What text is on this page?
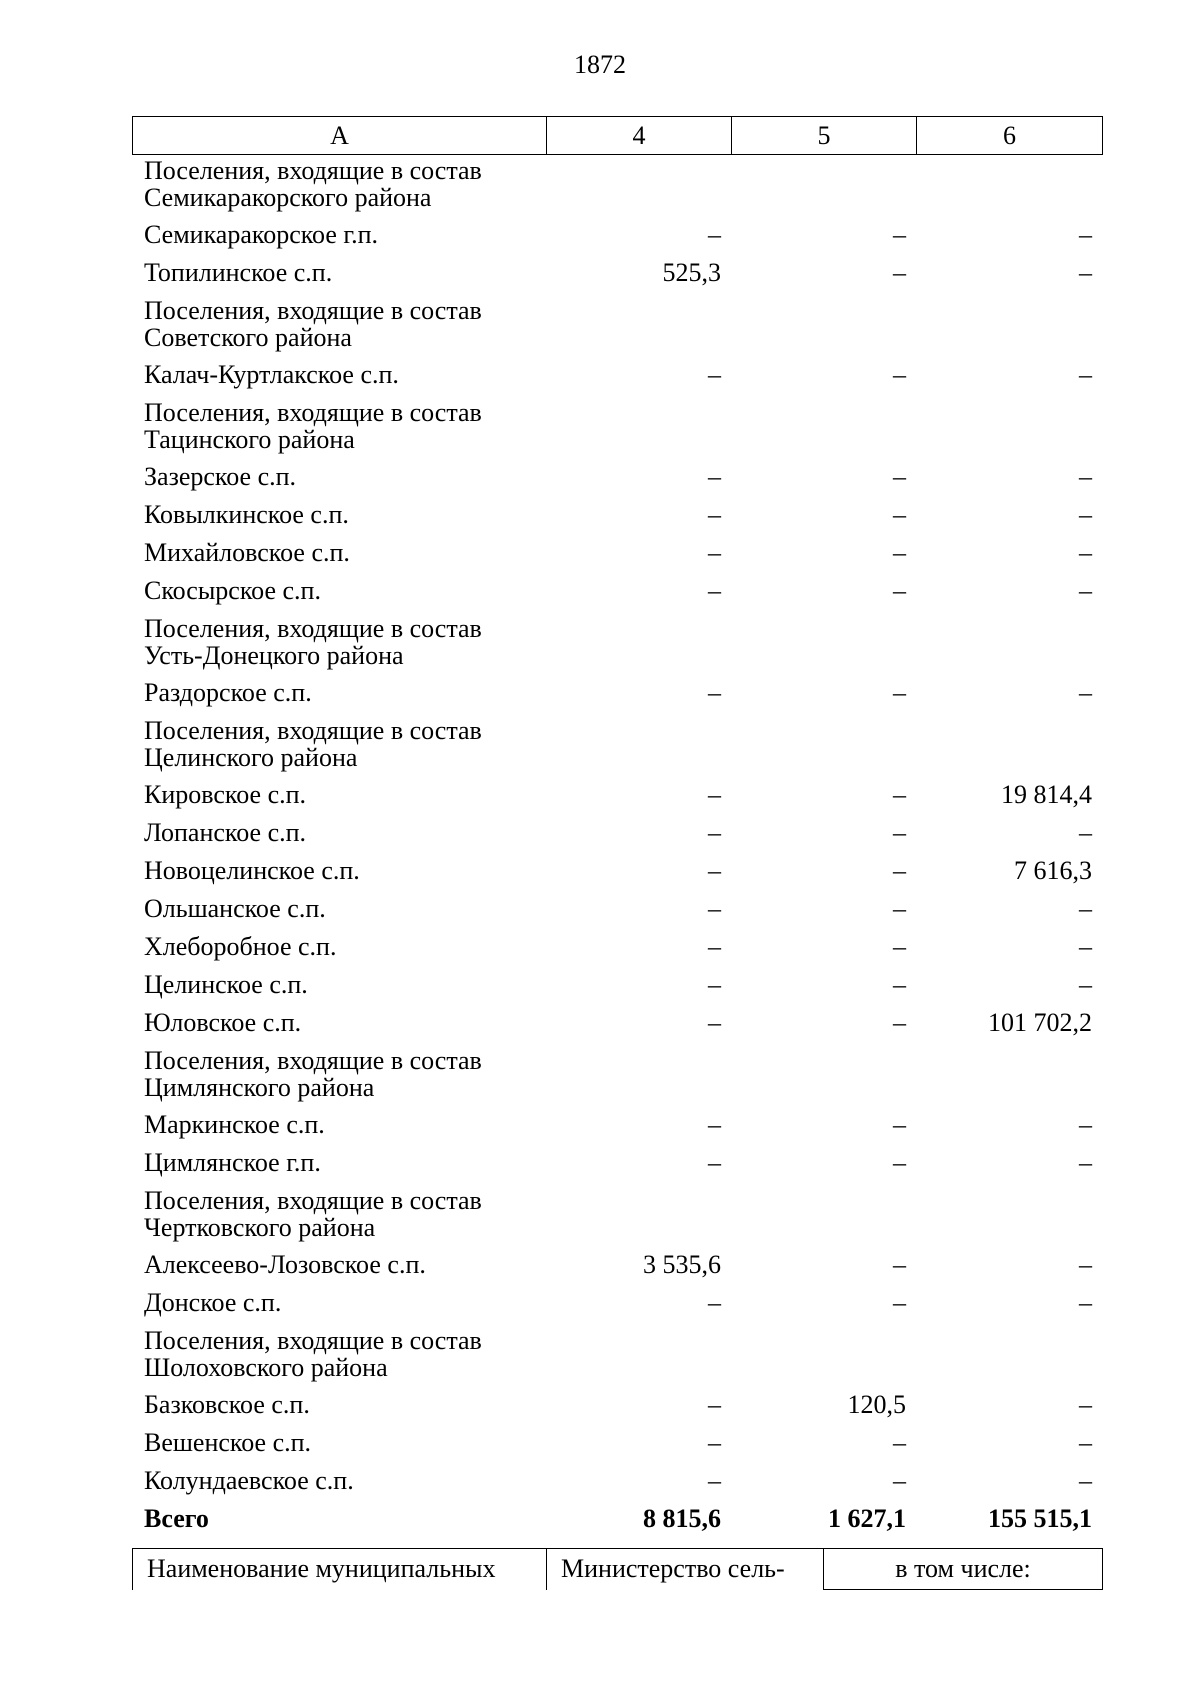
1872
А	4	5	6
Поселения, входящие в состав
Семикаракорского района
Семикаракорское г.п.	–	–	–
Топилинское с.п.	525,3	–	–
Поселения, входящие в состав
Советского района
Калач-Куртлакское с.п.	–	–	–
Поселения, входящие в состав
Тацинского района
Зазерское с.п.	–	–	–
Ковылкинское с.п.	–	–	–
Михайловское с.п.	–	–	–
Скосырское с.п.	–	–	–
Поселения, входящие в состав
Усть-Донецкого района
Раздорское с.п.	–	–	–
Поселения, входящие в состав
Целинского района
Кировское с.п.	–	–	19 814,4
Лопанское с.п.	–	–	–
Новоцелинское с.п.	–	–	7 616,3
Ольшанское с.п.	–	–	–
Хлеборобное с.п.	–	–	–
Целинское с.п.	–	–	–
Юловское с.п.	–	–	101 702,2
Поселения, входящие в состав
Цимлянского района
Маркинское с.п.	–	–	–
Цимлянское г.п.	–	–	–
Поселения, входящие в состав
Чертковского района
Алексеево-Лозовское с.п.	3 535,6	–	–
Донское с.п.	–	–	–
Поселения, входящие в состав
Шолоховского района
Базковское с.п.	–	120,5	–
Вешенское с.п.	–	–	–
Колундаевское с.п.	–	–	–
Всего	8 815,6	1 627,1	155 515,1
Наименование муниципальных	Министерство сель-	в том числе:
